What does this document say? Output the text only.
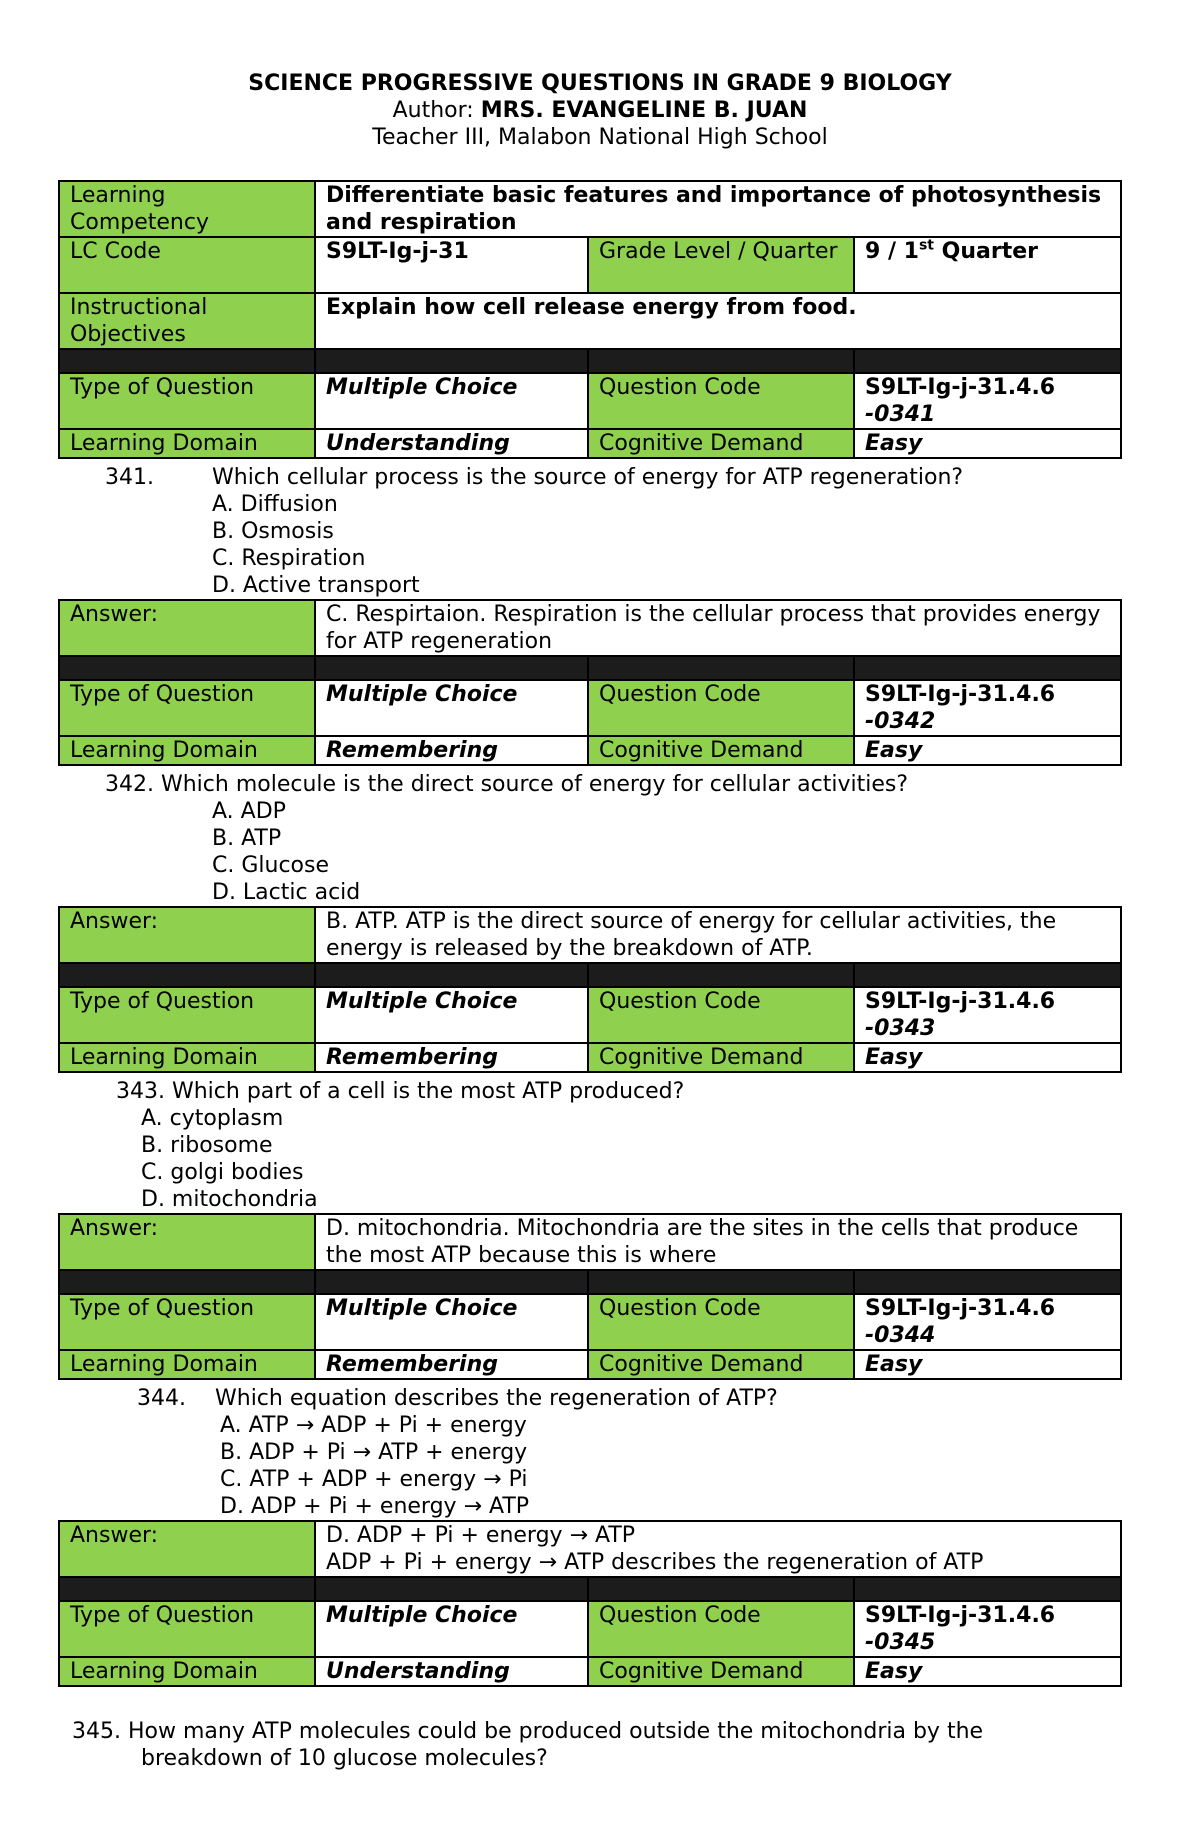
SCIENCE PROGRESSIVE QUESTIONS IN GRADE 9 BIOLOGY
Author: MRS. EVANGELINE B. JUAN
Teacher III, Malabon National High School
Learning Competency	Differentiate basic features and importance of photosynthesis and respiration		
LC Code	S9LT-Ig-j-31	Grade Level / Quarter	9 / 1st Quarter
Instructional Objectives	Explain how cell release energy from food.		

Type of Question	Multiple Choice	Question Code	S9LT-Ig-j-31.4.6
-0341

Learning Domain	Understanding	Cognitive Demand	Easy
341.	Which cellular process is the source of energy for ATP regeneration?
A. Diffusion
B. Osmosis
C. Respiration
D. Active transport
Answer:	C. Respirtaion. Respiration is the cellular process that provides energy for ATP regeneration		

Type of Question	Multiple Choice	Question Code	S9LT-Ig-j-31.4.6
-0342

Learning Domain	Remembering	Cognitive Demand	Easy
342. Which molecule is the direct source of energy for cellular activities?
A. ADP
B. ATP
C. Glucose
D. Lactic acid
Answer:	B. ATP. ATP is the direct source of energy for cellular activities, the energy is released by the breakdown of ATP.		

Type of Question	Multiple Choice	Question Code	S9LT-Ig-j-31.4.6
-0343

Learning Domain	Remembering	Cognitive Demand	Easy
343. Which part of a cell is the most ATP produced?
A. cytoplasm
B. ribosome
C. golgi bodies
D. mitochondria
Answer:	D. mitochondria. Mitochondria are the sites in the cells that produce the most ATP because this is where		

Type of Question	Multiple Choice	Question Code	S9LT-Ig-j-31.4.6
-0344

Learning Domain	Remembering	Cognitive Demand	Easy
344. Which equation describes the regeneration of ATP?
A. ATP → ADP + Pi + energy
B. ADP + Pi → ATP + energy
C. ATP + ADP + energy → Pi
D. ADP + Pi + energy → ATP
Answer:	D. ADP + Pi + energy → ATP
ADP + Pi + energy → ATP describes the regeneration of ATP		

Type of Question	Multiple Choice	Question Code	S9LT-Ig-j-31.4.6
-0345

Learning Domain	Understanding	Cognitive Demand	Easy
345. How many ATP molecules could be produced outside the mitochondria by the
breakdown of 10 glucose molecules?
